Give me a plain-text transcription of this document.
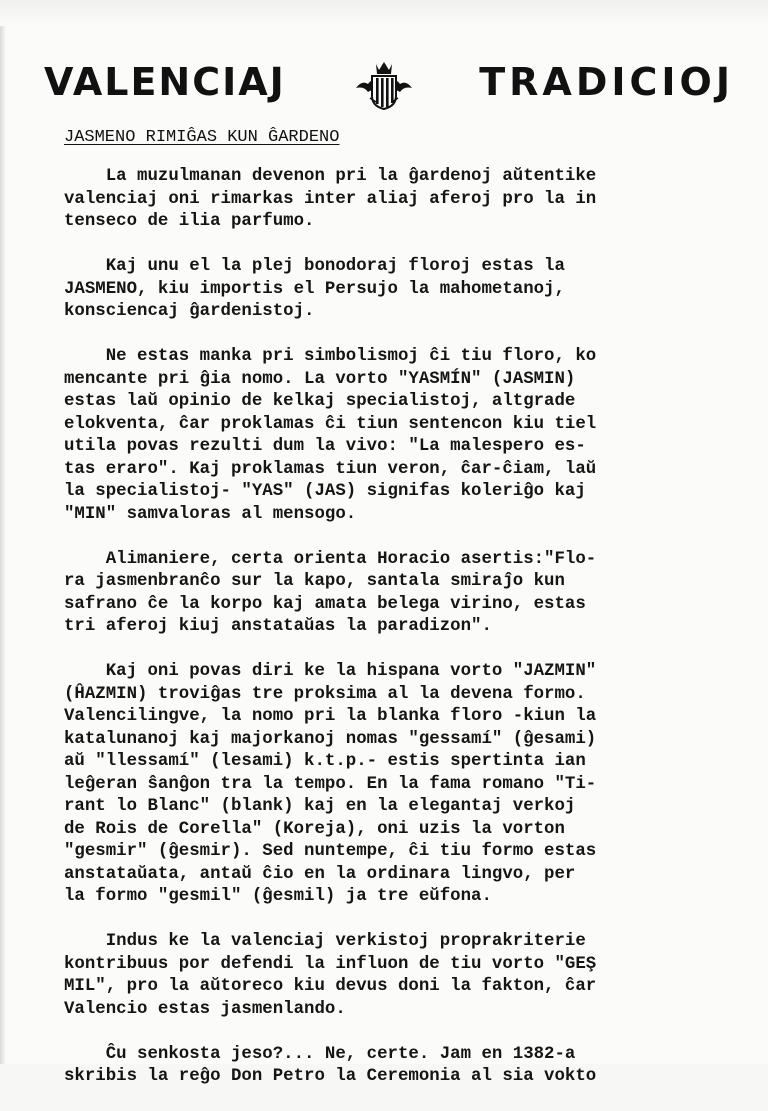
VALENCIAJ	TRADICIOJ
JASMENO RIMIĜAS KUN ĜARDENO
La muzulmanan devenon pri la ĝardenoj aŭtentike
valenciaj oni rimarkas inter aliaj aferoj pro la in
tenseco de ilia parfumo.
Kaj unu el la plej bonodoraj floroj estas la
JASMENO, kiu importis el Persujo la mahometanoj,
konsciencaj ĝardenistoj.
Ne estas manka pri simbolismoj ĉi tiu floro, ko
mencante pri ĝia nomo. La vorto "YASMÍN" (JASMIN)
estas laŭ opinio de kelkaj specialistoj, altgrade
elokventa, ĉar proklamas ĉi tiun sentencon kiu tiel
utila povas rezulti dum la vivo: "La malespero es-
tas eraro". Kaj proklamas tiun veron, ĉar-ĉiam, laŭ
la specialistoj- "YAS" (JAS) signifas koleriĝo kaj
"MIN" samvaloras al mensogo.
Alimaniere, certa orienta Horacio asertis:"Flo-
ra jasmenbranĉo sur la kapo, santala smiraĵo kun
safrano ĉe la korpo kaj amata belega virino, estas
tri aferoj kiuj anstataŭas la paradizon".
Kaj oni povas diri ke la hispana vorto "JAZMIN"
(ĤAZMIN) troviĝas tre proksima al la devena formo.
Valencilingve, la nomo pri la blanka floro -kiun la
katalunanoj kaj majorkanoj nomas "gessamí" (ĝesami)
aŭ "llessamí" (lesami) k.t.p.- estis spertinta ian
leĝeran ŝanĝon tra la tempo. En la fama romano "Ti-
rant lo Blanc" (blank) kaj en la elegantaj verkoj
de Rois de Corella" (Koreja), oni uzis la vorton
"gesmir" (ĝesmir). Sed nuntempe, ĉi tiu formo estas
anstataŭata, antaŭ ĉio en la ordinara lingvo, per
la formo "gesmil" (ĝesmil) ja tre eŭfona.
Indus ke la valenciaj verkistoj proprakriterie
kontribuus por defendi la influon de tiu vorto "GEŞ
MIL", pro la aŭtoreco kiu devus doni la fakton, ĉar
Valencio estas jasmenlando.
Ĉu senkosta jeso?... Ne, certe. Jam en 1382-a
skribis la reĝo Don Petro la Ceremonia al sia vokto
